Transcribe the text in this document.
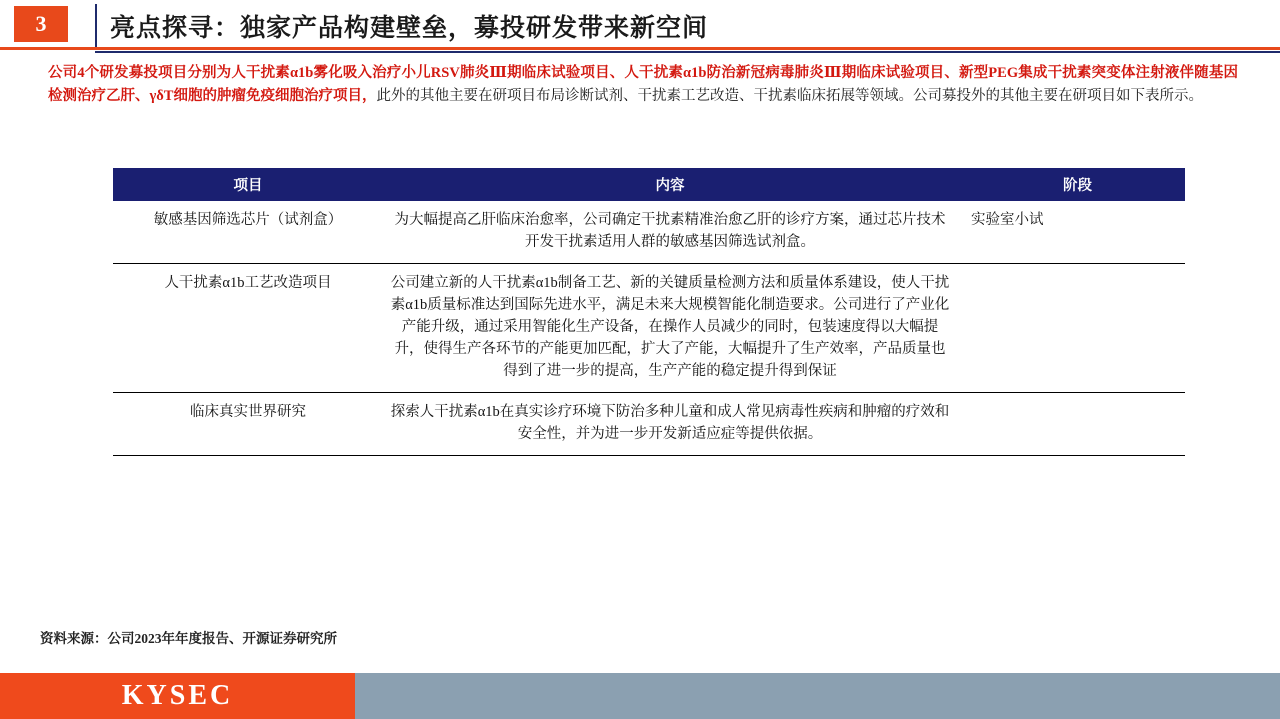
3	亮点探寻：独家产品构建壁垒，募投研发带来新空间
公司4个研发募投项目分别为人干扰素α1b雾化吸入治疗小儿RSV肺炎Ⅲ期临床试验项目、人干扰素α1b防治新冠病毒肺炎Ⅲ期临床试验项目、新型PEG集成干扰素突变体注射液伴随基因检测治疗乙肝、γδT细胞的肿瘤免疫细胞治疗项目，此外的其他主要在研项目布局诊断试剂、干扰素工艺改造、干扰素临床拓展等领域。公司募投外的其他主要在研项目如下表所示。
项目	内容	阶段
敏感基因筛选芯片（试剂盒）	为大幅提高乙肝临床治愈率，公司确定干扰素精准治愈乙肝的诊疗方案，通过芯片技术开发干扰素适用人群的敏感基因筛选试剂盒。	实验室小试
人干扰素α1b工艺改造项目	公司建立新的人干扰素α1b制备工艺、新的关键质量检测方法和质量体系建设，使人干扰素α1b质量标准达到国际先进水平，满足未来大规模智能化制造要求。公司进行了产业化产能升级，通过采用智能化生产设备，在操作人员减少的同时，包装速度得以大幅提升，使得生产各环节的产能更加匹配，扩大了产能，大幅提升了生产效率，产品质量也得到了进一步的提高，生产产能的稳定提升得到保证	
临床真实世界研究	探索人干扰素α1b在真实诊疗环境下防治多种儿童和成人常见病毒性疾病和肿瘤的疗效和安全性，并为进一步开发新适应症等提供依据。	
资料来源：公司2023年年度报告、开源证券研究所
KYSEC
